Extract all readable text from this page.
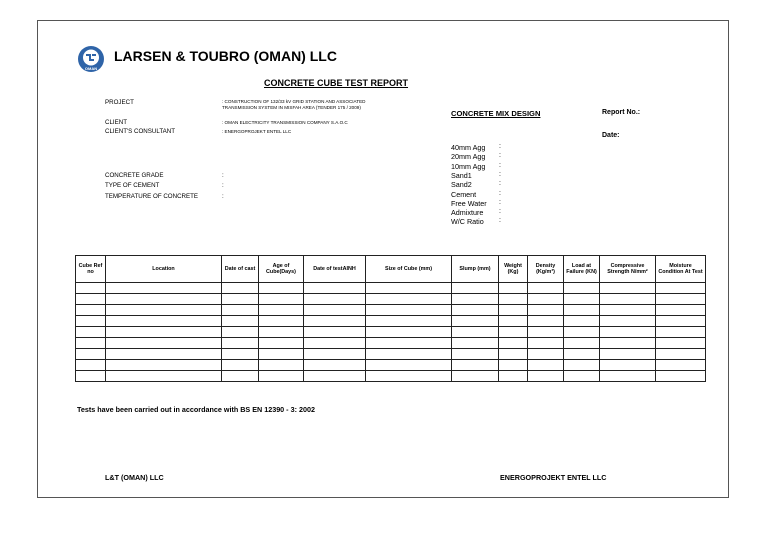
OMAN
LARSEN & TOUBRO (OMAN) LLC
CONCRETE CUBE TEST REPORT
PROJECT	: CONSTRUCTION OF 132/33 kV GRID STATION AND ASSOCIATED
TRANSMISSION SYSTEM IN MISFAH AREA (TENDER 175 / 2009)
CLIENT	: OMAN ELECTRICITY TRANSMISSION COMPANY S.A.O.C
CLIENT'S CONSULTANT	: ENERGOPROJEKT ENTEL LLC
CONCRETE GRADE	:
TYPE OF CEMENT	:
TEMPERATURE OF CONCRETE	:
CONCRETE MIX DESIGN	Report No.:
Date:
40mm Agg :
20mm Agg :
10mm Agg :
Sand1	:
Sand2	:
Cement	:
Free Water :
Admixture :
W/C Ratio :
Cube Ref no	Location	Date of cast	Age of Cube(Days)	Date of testAINH	Size of Cube (mm)	Slump (mm)	Weight (Kg)	Density (Kg/m³)	Load at Failure (KN)	Compressive Strength N/mm²	Moisture Condition At Test

Tests have been carried out in accordance with BS EN 12390 - 3: 2002
L&T (OMAN) LLC	ENERGOPROJEKT ENTEL LLC
